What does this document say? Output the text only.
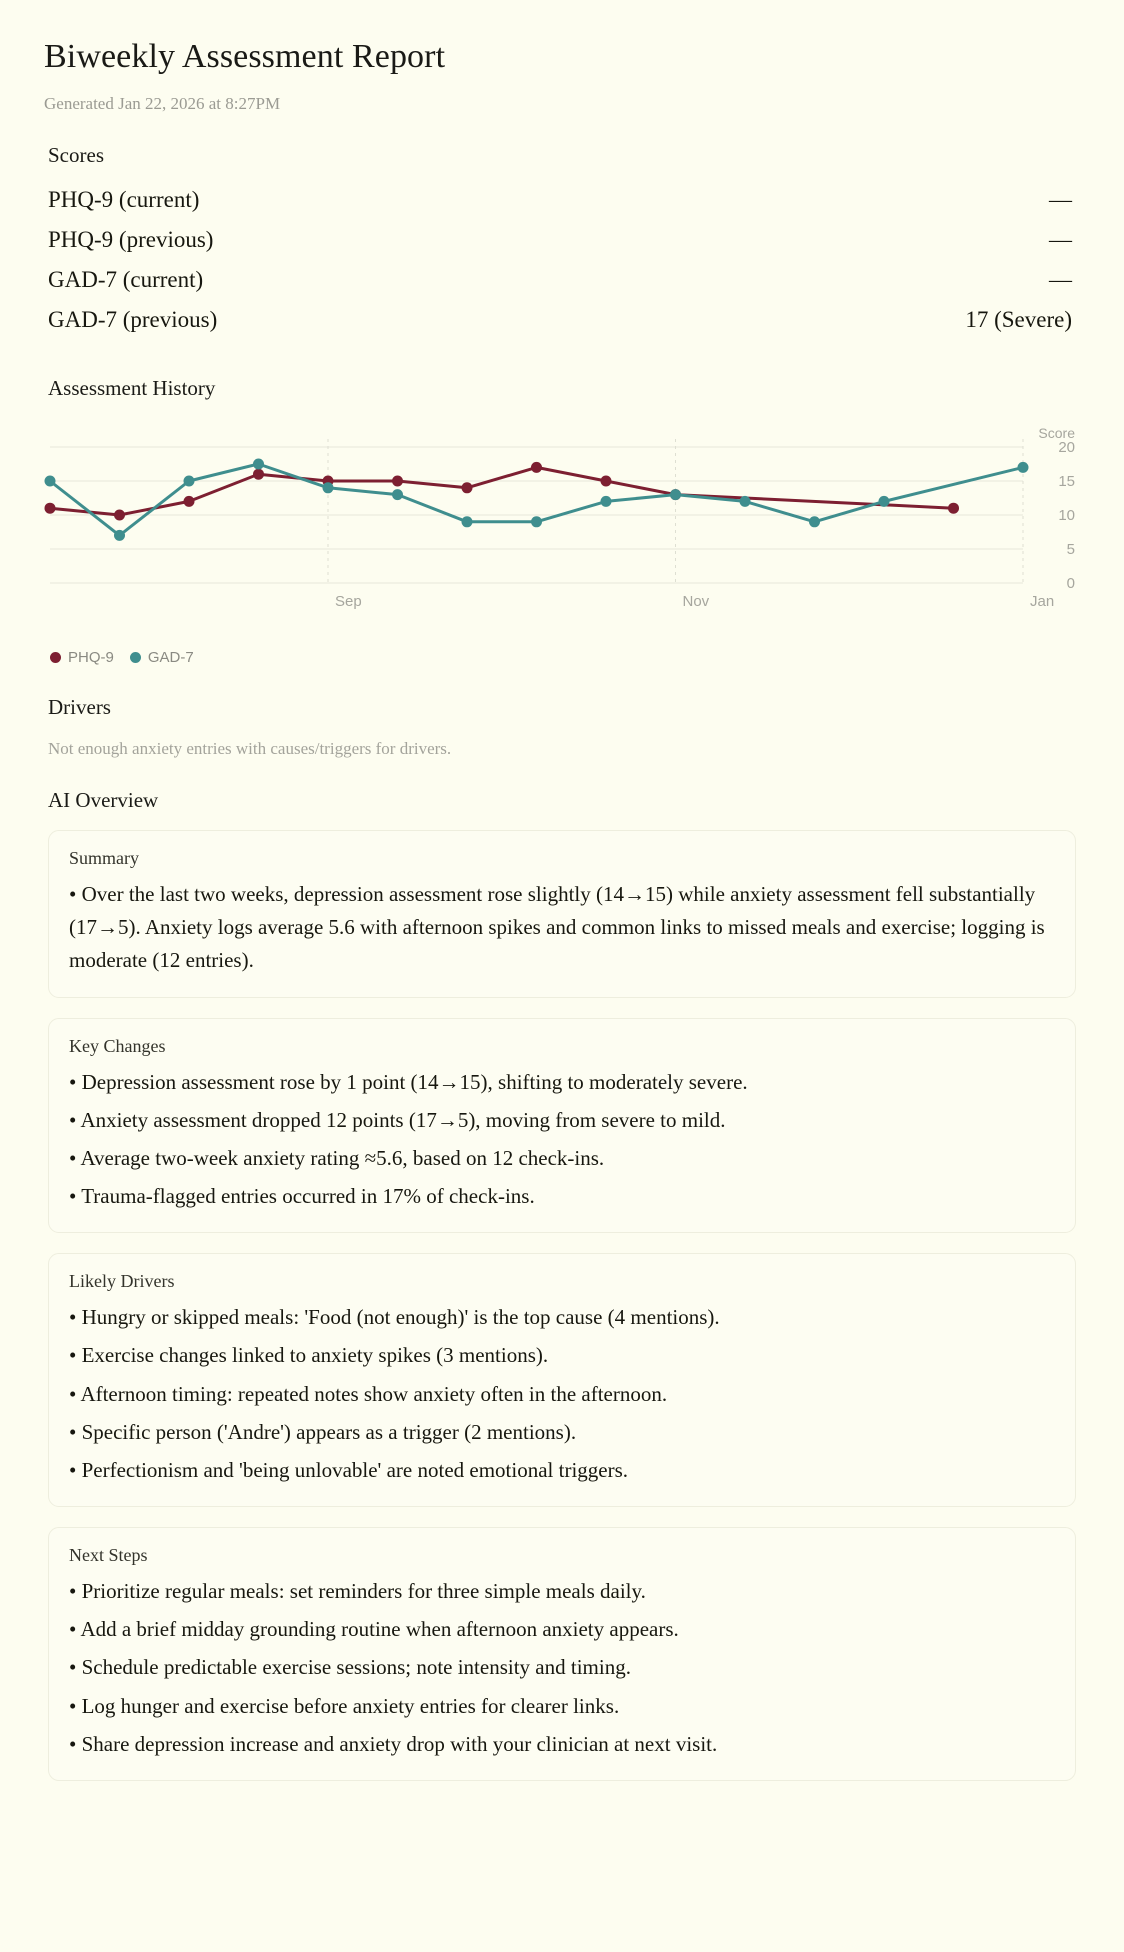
Biweekly Assessment Report
Generated Jan 22, 2026 at 8:27PM
Scores
PHQ-9 (current)	—
PHQ-9 (previous)	—
GAD-7 (current)	—
GAD-7 (previous)	17 (Severe)
Assessment History
Score
0
5
10
15
20
Sep	Nov	Jan
PHQ-9 GAD-7
Drivers
Not enough anxiety entries with causes/triggers for drivers.
AI Overview
Summary

• Over the last two weeks, depression assessment rose slightly (14→15) while anxiety assessment fell substantially (17→5). Anxiety logs average 5.6 with afternoon spikes and common links to missed meals and exercise; logging is moderate (12 entries).

Key Changes

• Depression assessment rose by 1 point (14→15), shifting to moderately severe.

• Anxiety assessment dropped 12 points (17→5), moving from severe to mild.

• Average two-week anxiety rating ≈5.6, based on 12 check-ins.

• Trauma-flagged entries occurred in 17% of check-ins.

Likely Drivers

• Hungry or skipped meals: 'Food (not enough)' is the top cause (4 mentions).

• Exercise changes linked to anxiety spikes (3 mentions).

• Afternoon timing: repeated notes show anxiety often in the afternoon.

• Specific person ('Andre') appears as a trigger (2 mentions).

• Perfectionism and 'being unlovable' are noted emotional triggers.

Next Steps

• Prioritize regular meals: set reminders for three simple meals daily.

• Add a brief midday grounding routine when afternoon anxiety appears.

• Schedule predictable exercise sessions; note intensity and timing.

• Log hunger and exercise before anxiety entries for clearer links.

• Share depression increase and anxiety drop with your clinician at next visit.
